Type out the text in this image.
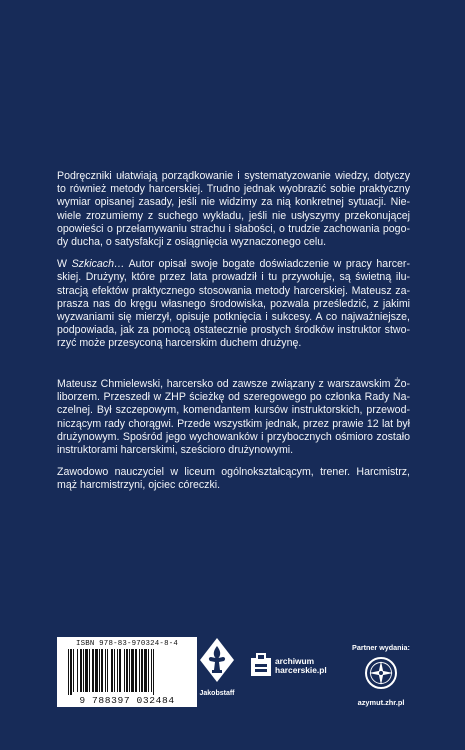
Podręczniki ułatwiają porządkowanie i systematyzowanie wiedzy, dotyczy to również metody harcerskiej. Trudno jednak wyobrazić sobie praktyczny wymiar opisanej zasady, jeśli nie widzimy za nią konkretnej sytuacji. Niewiele zrozumiemy z suchego wykładu, jeśli nie usłyszymy przekonującej opowieści o przełamywaniu strachu i słabości, o trudzie zachowania pogody ducha, o satysfakcji z osiągnięcia wyznaczonego celu.

W Szkicach… Autor opisał swoje bogate doświadczenie w pracy harcerskiej. Drużyny, które przez lata prowadził i tu przywołuje, są świetną ilustracją efektów praktycznego stosowania metody harcerskiej. Mateusz zaprasza nas do kręgu własnego środowiska, pozwala prześledzić, z jakimi wyzwaniami się mierzył, opisuje potknięcia i sukcesy. A co najważniejsze, podpowiada, jak za pomocą ostatecznie prostych środków instruktor stworzyć może przesyconą harcerskim duchem drużynę.

Mateusz Chmielewski, harcersko od zawsze związany z warszawskim Żoliborzem. Przeszedł w ZHP ścieżkę od szeregowego po członka Rady Naczelnej. Był szczepowym, komendantem kursów instruktorskich, przewodniczącym rady chorągwi. Przede wszystkim jednak, przez prawie 12 lat był drużynowym. Spośród jego wychowanków i przybocznych ośmioro zostało instruktorami harcerskimi, sześcioro drużynowymi.

Zawodowo nauczyciel w liceum ogólnokształcącym, trener. Harcmistrz, mąż harcmistrzyni, ojciec córeczki.

ISBN 978-83-970324-8-4
9 788397 032484
Jakobstaff
archiwum
harcerskie.pl
Partner wydania:
azymut.zhr.pl
